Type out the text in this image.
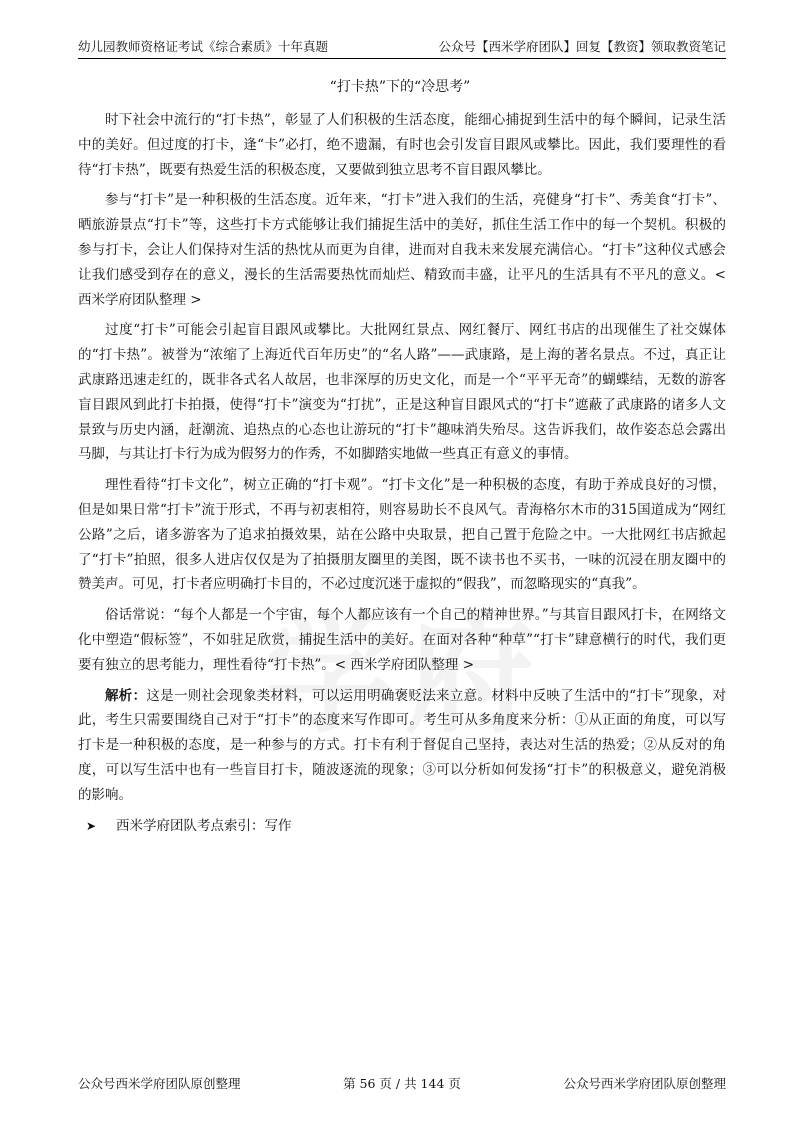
幼儿园教师资格证考试《综合素质》十年真题	公众号【西米学府团队】回复【教资】领取教资笔记
“打卡热”下的“冷思考”

时下社会中流行的“打卡热”，彰显了人们积极的生活态度，能细心捕捉到生活中的每个瞬间，记录生活中的美好。但过度的打卡，逢“卡”必打，绝不遗漏，有时也会引发盲目跟风或攀比。因此，我们要理性的看待“打卡热”，既要有热爱生活的积极态度，又要做到独立思考不盲目跟风攀比。

参与“打卡”是一种积极的生活态度。近年来，“打卡”进入我们的生活，亮健身“打卡”、秀美食“打卡”、晒旅游景点“打卡”等，这些打卡方式能够让我们捕捉生活中的美好，抓住生活工作中的每一个契机。积极的参与打卡，会让人们保持对生活的热忱从而更为自律，进而对自我未来发展充满信心。“打卡”这种仪式感会让我们感受到存在的意义，漫长的生活需要热忱而灿烂、精致而丰盛，让平凡的生活具有不平凡的意义。< 西米学府团队整理 >

过度“打卡”可能会引起盲目跟风或攀比。大批网红景点、网红餐厅、网红书店的出现催生了社交媒体的“打卡热”。被誉为“浓缩了上海近代百年历史”的“名人路”——武康路，是上海的著名景点。不过，真正让武康路迅速走红的，既非各式名人故居，也非深厚的历史文化，而是一个“平平无奇”的蝴蝶结，无数的游客盲目跟风到此打卡拍摄，使得“打卡”演变为“打扰”，正是这种盲目跟风式的“打卡”遮蔽了武康路的诸多人文景致与历史内涵，赶潮流、追热点的心态也让游玩的“打卡”趣味消失殆尽。这告诉我们，故作姿态总会露出马脚，与其让打卡行为成为假努力的作秀，不如脚踏实地做一些真正有意义的事情。

理性看待“打卡文化”，树立正确的“打卡观”。“打卡文化”是一种积极的态度，有助于养成良好的习惯，但是如果日常“打卡”流于形式，不再与初衷相符，则容易助长不良风气。青海格尔木市的315国道成为“网红公路”之后，诸多游客为了追求拍摄效果，站在公路中央取景，把自己置于危险之中。一大批网红书店掀起了“打卡”拍照，很多人进店仅仅是为了拍摄朋友圈里的美图，既不读书也不买书，一味的沉浸在朋友圈中的赞美声。可见，打卡者应明确打卡目的，不必过度沉迷于虚拟的“假我”，而忽略现实的“真我”。

俗话常说：“每个人都是一个宇宙，每个人都应该有一个自己的精神世界。”与其盲目跟风打卡，在网络文化中塑造“假标签”，不如驻足欣赏，捕捉生活中的美好。在面对各种“种草”“打卡”肆意横行的时代，我们更要有独立的思考能力，理性看待“打卡热”。< 西米学府团队整理 >

解析：这是一则社会现象类材料，可以运用明确褒贬法来立意。材料中反映了生活中的“打卡”现象，对此，考生只需要围绕自己对于“打卡”的态度来写作即可。考生可从多角度来分析：①从正面的角度，可以写打卡是一种积极的态度，是一种参与的方式。打卡有利于督促自己坚持，表达对生活的热爱；②从反对的角度，可以写生活中也有一些盲目打卡，随波逐流的现象；③可以分析如何发扬“打卡”的积极意义，避免消极的影响。

➤ 西米学府团队考点索引：写作

公众号西米学府团队原创整理	第 56 页 / 共 144 页	公众号西米学府团队原创整理
